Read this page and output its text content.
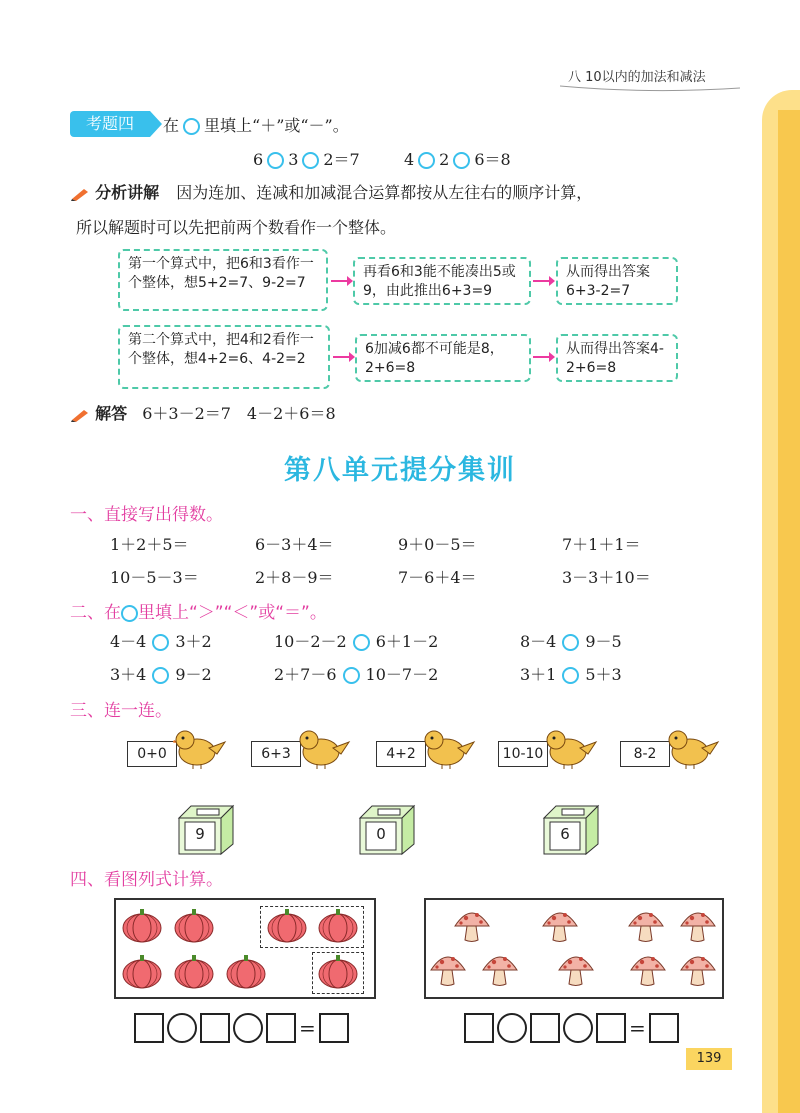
八 10以内的加法和减法
考题四	在 里填上“＋”或“－”。
6 3 2＝7	4 2 6＝8
分析讲解 因为连加、连减和加减混合运算都按从左往右的顺序计算，
所以解题时可以先把前两个数看作一个整体。
第一个算式中，把6和3看作一个整体，想5+2=7、9-2=7
再看6和3能不能凑出5或9，由此推出6+3=9
从而得出答案6+3-2=7
第二个算式中，把4和2看作一个整体，想4+2=6、4-2=2
6加减6都不可能是8，2+6=8
从而得出答案4-2+6=8
解答 6＋3－2＝7　4－2＋6＝8
第八单元提分集训
一、直接写出得数。
1＋2＋5＝	6－3＋4＝	9＋0－5＝	7＋1＋1＝
10－5－3＝	2＋8－9＝	7－6＋4＝	3－3＋10＝
二、在 里填上“＞”“＜”或“＝”。
4－4 3＋2	10－2－2 6＋1－2	8－4 9－5
3＋4 9－2	2＋7－6 10－7－2	3＋1 5＋3
三、连一连。
0+0	6+3	4+2	10-10	8-2
9	0	6
四、看图列式计算。
=	=
139
